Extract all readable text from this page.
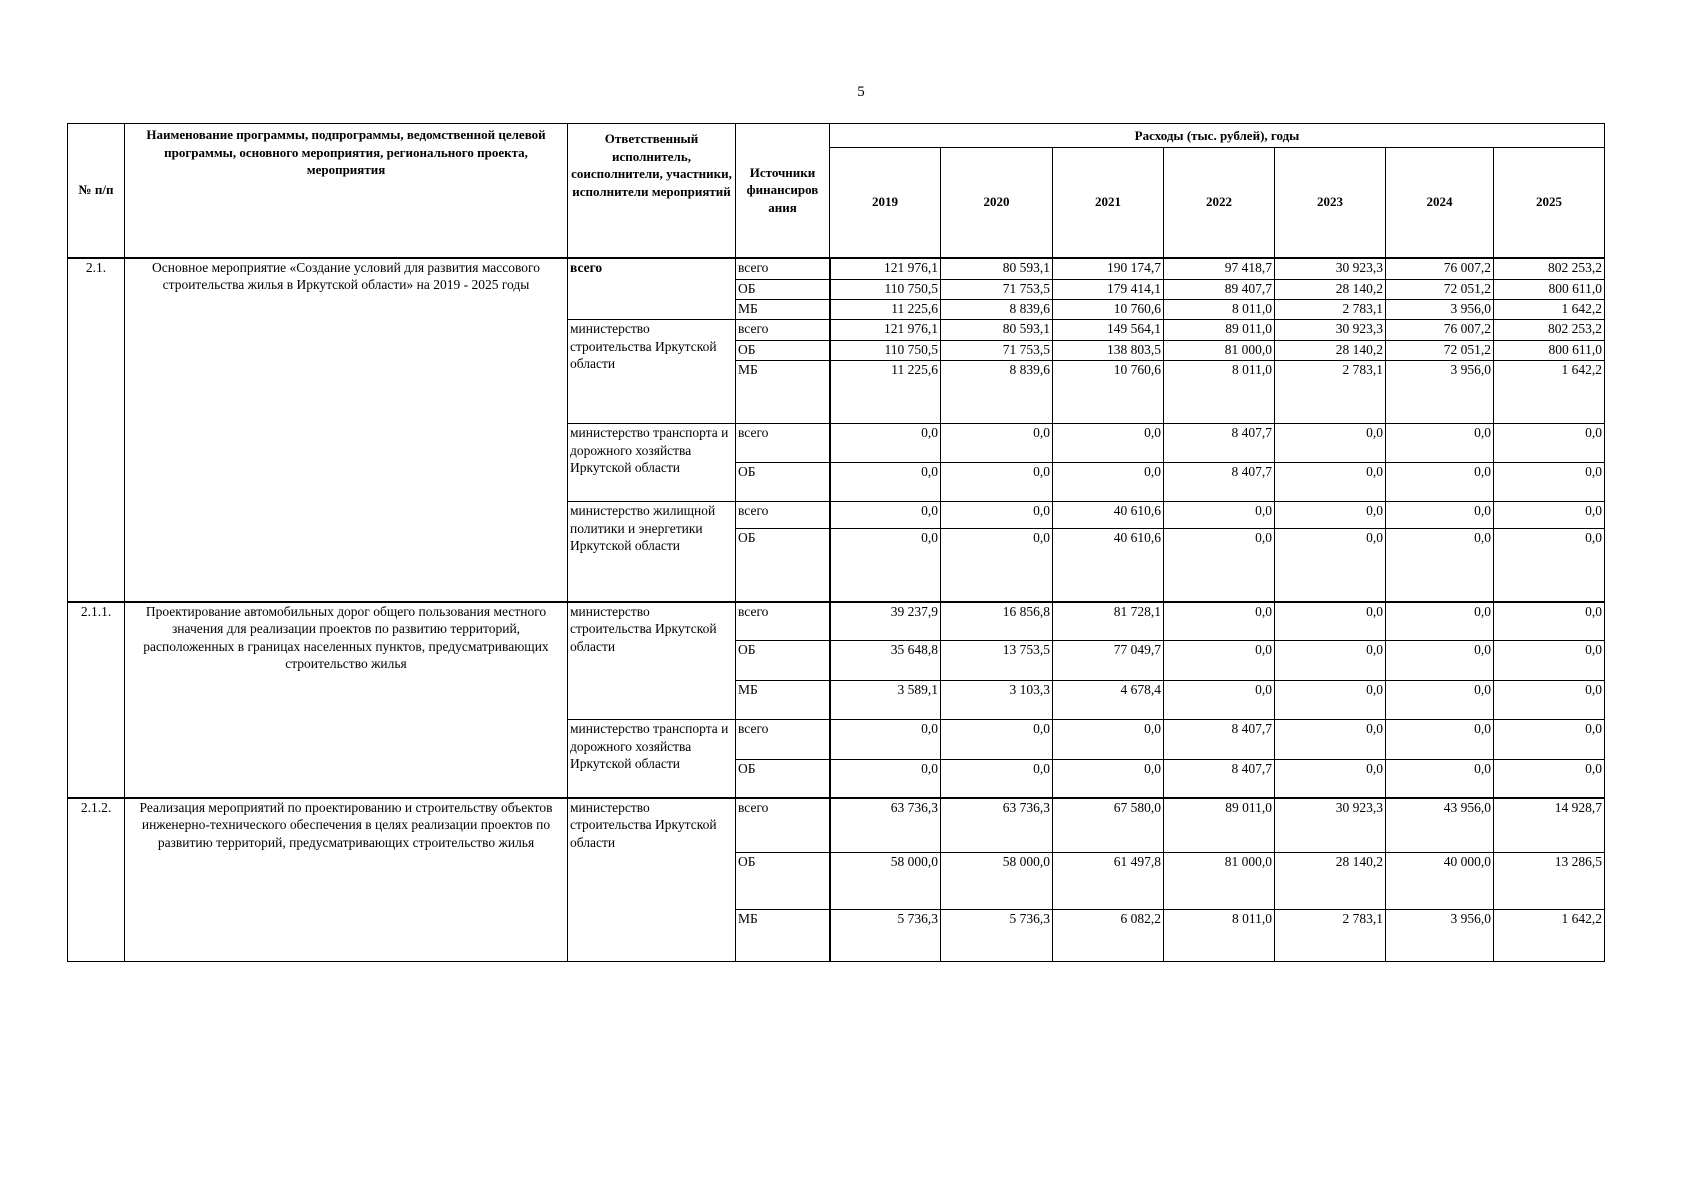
5
№ п/п	Наименование программы, подпрограммы, ведомственной целевой программы, основного мероприятия, регионального проекта, мероприятия	Ответственный исполнитель, соисполнители, участники, исполнители мероприятий	Источники финансиров ания	Расходы (тыс. рублей), годы						
				2019	2020	2021	2022	2023	2024	2025
2.1.	Основное мероприятие «Создание условий для развития массового строительства жилья в Иркутской области» на 2019 - 2025 годы	всего	всего	121 976,1	80 593,1	190 174,7	97 418,7	30 923,3	76 007,2	802 253,2
			ОБ	110 750,5	71 753,5	179 414,1	89 407,7	28 140,2	72 051,2	800 611,0
			МБ	11 225,6	8 839,6	10 760,6	8 011,0	2 783,1	3 956,0	1 642,2
		министерство строительства Иркутской области	всего	121 976,1	80 593,1	149 564,1	89 011,0	30 923,3	76 007,2	802 253,2
			ОБ	110 750,5	71 753,5	138 803,5	81 000,0	28 140,2	72 051,2	800 611,0
			МБ	11 225,6	8 839,6	10 760,6	8 011,0	2 783,1	3 956,0	1 642,2
		министерство транспорта и дорожного хозяйства Иркутской области	всего	0,0	0,0	0,0	8 407,7	0,0	0,0	0,0
			ОБ	0,0	0,0	0,0	8 407,7	0,0	0,0	0,0
		министерство жилищной политики и энергетики Иркутской области	всего	0,0	0,0	40 610,6	0,0	0,0	0,0	0,0
			ОБ	0,0	0,0	40 610,6	0,0	0,0	0,0	0,0
2.1.1.	Проектирование автомобильных дорог общего пользования местного значения для реализации проектов по развитию территорий, расположенных в границах населенных пунктов, предусматривающих строительство жилья	министерство строительства Иркутской области	всего	39 237,9	16 856,8	81 728,1	0,0	0,0	0,0	0,0
			ОБ	35 648,8	13 753,5	77 049,7	0,0	0,0	0,0	0,0
			МБ	3 589,1	3 103,3	4 678,4	0,0	0,0	0,0	0,0
		министерство транспорта и дорожного хозяйства Иркутской области	всего	0,0	0,0	0,0	8 407,7	0,0	0,0	0,0
			ОБ	0,0	0,0	0,0	8 407,7	0,0	0,0	0,0
2.1.2.	Реализация мероприятий по проектированию и строительству объектов инженерно-технического обеспечения в целях реализации проектов по развитию территорий, предусматривающих строительство жилья	министерство строительства Иркутской области	всего	63 736,3	63 736,3	67 580,0	89 011,0	30 923,3	43 956,0	14 928,7
			ОБ	58 000,0	58 000,0	61 497,8	81 000,0	28 140,2	40 000,0	13 286,5
			МБ	5 736,3	5 736,3	6 082,2	8 011,0	2 783,1	3 956,0	1 642,2
